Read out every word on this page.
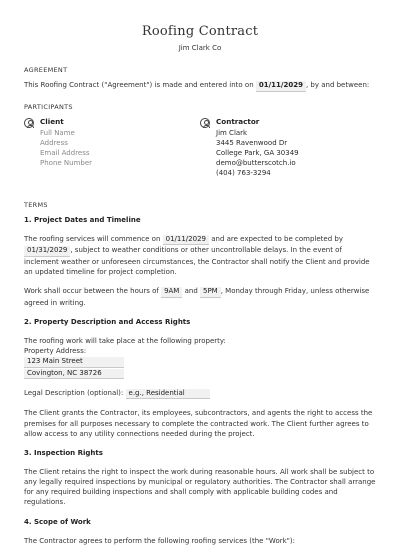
Roofing Contract
Jim Clark Co
AGREEMENT
This Roofing Contract ("Agreement") is made and entered into on 01/11/2029 , by and between:
PARTICIPANTS
Client
Full Name
Address
Email Address
Phone Number
Contractor
Jim Clark
3445 Ravenwood Dr
College Park, GA 30349
demo@butterscotch.io
(404) 763-3294
TERMS
1. Project Dates and Timeline
The roofing services will commence on 01/11/2029 and are expected to be completed by 01/31/2029 , subject to weather conditions or other uncontrollable delays. In the event of inclement weather or unforeseen circumstances, the Contractor shall notify the Client and provide an updated timeline for project completion.
Work shall occur between the hours of 9AM and 5PM , Monday through Friday, unless otherwise agreed in writing.
2. Property Description and Access Rights
The roofing work will take place at the following property:
Property Address:
123 Main Street
Covington, NC 38726
Legal Description (optional): e.g., Residential
The Client grants the Contractor, its employees, subcontractors, and agents the right to access the premises for all purposes necessary to complete the contracted work. The Client further agrees to allow access to any utility connections needed during the project.
3. Inspection Rights
The Client retains the right to inspect the work during reasonable hours. All work shall be subject to any legally required inspections by municipal or regulatory authorities. The Contractor shall arrange for any required building inspections and shall comply with applicable building codes and regulations.
4. Scope of Work
The Contractor agrees to perform the following roofing services (the "Work"):
